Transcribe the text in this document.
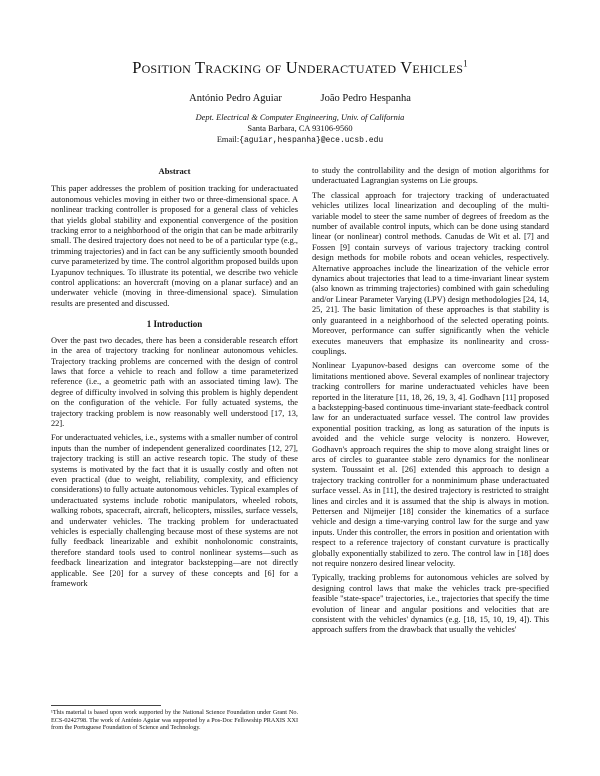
Position Tracking of Underactuated Vehicles$^1$
António Pedro Aguiar	João Pedro Hespanha
Dept. Electrical & Computer Engineering, Univ. of California
Santa Barbara, CA 93106-9560
Email:{aguiar,hespanha}@ece.ucsb.edu
Abstract

This paper addresses the problem of position tracking for underactuated autonomous vehicles moving in either two or three-dimensional space. A nonlinear tracking controller is proposed for a general class of vehicles that yields global stability and exponential convergence of the position tracking error to a neighborhood of the origin that can be made arbitrarily small. The desired trajectory does not need to be of a particular type (e.g., trimming trajectories) and in fact can be any sufficiently smooth bounded curve parameterized by time. The control algorithm proposed builds upon Lyapunov techniques. To illustrate its potential, we describe two vehicle control applications: an hovercraft (moving on a planar surface) and an underwater vehicle (moving in three-dimensional space). Simulation results are presented and discussed.

1 Introduction

Over the past two decades, there has been a considerable research effort in the area of trajectory tracking for nonlinear autonomous vehicles. Trajectory tracking problems are concerned with the design of control laws that force a vehicle to reach and follow a time parameterized reference (i.e., a geometric path with an associated timing law). The degree of difficulty involved in solving this problem is highly dependent on the configuration of the vehicle. For fully actuated systems, the trajectory tracking problem is now reasonably well understood [17, 13, 22].

For underactuated vehicles, i.e., systems with a smaller number of control inputs than the number of independent generalized coordinates [12, 27], trajectory tracking is still an active research topic. The study of these systems is motivated by the fact that it is usually costly and often not even practical (due to weight, reliability, complexity, and efficiency considerations) to fully actuate autonomous vehicles. Typical examples of underactuated systems include robotic manipulators, wheeled robots, walking robots, spacecraft, aircraft, helicopters, missiles, surface vessels, and underwater vehicles. The tracking problem for underactuated vehicles is especially challenging because most of these systems are not fully feedback linearizable and exhibit nonholonomic constraints, therefore standard tools used to control nonlinear systems—such as feedback linearization and integrator backstepping—are not directly applicable. See [20] for a survey of these concepts and [6] for a framework

¹This material is based upon work supported by the National Science Foundation under Grant No. ECS-0242798. The work of António Aguiar was supported by a Pos-Doc Fellowship PRAXIS XXI from the Portuguese Foundation of Science and Technology.

to study the controllability and the design of motion algorithms for underactuated Lagrangian systems on Lie groups.

The classical approach for trajectory tracking of underactuated vehicles utilizes local linearization and decoupling of the multi-variable model to steer the same number of degrees of freedom as the number of available control inputs, which can be done using standard linear (or nonlinear) control methods. Canudas de Wit et al. [7] and Fossen [9] contain surveys of various trajectory tracking control design methods for mobile robots and ocean vehicles, respectively. Alternative approaches include the linearization of the vehicle error dynamics about trajectories that lead to a time-invariant linear system (also known as trimming trajectories) combined with gain scheduling and/or Linear Parameter Varying (LPV) design methodologies [24, 14, 25, 21]. The basic limitation of these approaches is that stability is only guaranteed in a neighborhood of the selected operating points. Moreover, performance can suffer significantly when the vehicle executes maneuvers that emphasize its nonlinearity and cross-couplings.

Nonlinear Lyapunov-based designs can overcome some of the limitations mentioned above. Several examples of nonlinear trajectory tracking controllers for marine underactuated vehicles have been reported in the literature [11, 18, 26, 19, 3, 4]. Godhavn [11] proposed a backstepping-based continuous time-invariant state-feedback control law for an underactuated surface vessel. The control law provides exponential position tracking, as long as saturation of the inputs is avoided and the vehicle surge velocity is nonzero. However, Godhavn's approach requires the ship to move along straight lines or arcs of circles to guarantee stable zero dynamics for the nonlinear system. Toussaint et al. [26] extended this approach to design a trajectory tracking controller for a nonminimum phase underactuated surface vessel. As in [11], the desired trajectory is restricted to straight lines and circles and it is assumed that the ship is always in motion. Pettersen and Nijmeijer [18] consider the kinematics of a surface vehicle and design a time-varying control law for the surge and yaw inputs. Under this controller, the errors in position and orientation with respect to a reference trajectory of constant curvature is practically globally exponentially stabilized to zero. The control law in [18] does not require nonzero desired linear velocity.

Typically, tracking problems for autonomous vehicles are solved by designing control laws that make the vehicles track pre-specified feasible "state-space" trajectories, i.e., trajectories that specify the time evolution of linear and angular positions and velocities that are consistent with the vehicles' dynamics (e.g. [18, 15, 10, 19, 4]). This approach suffers from the drawback that usually the vehicles'
